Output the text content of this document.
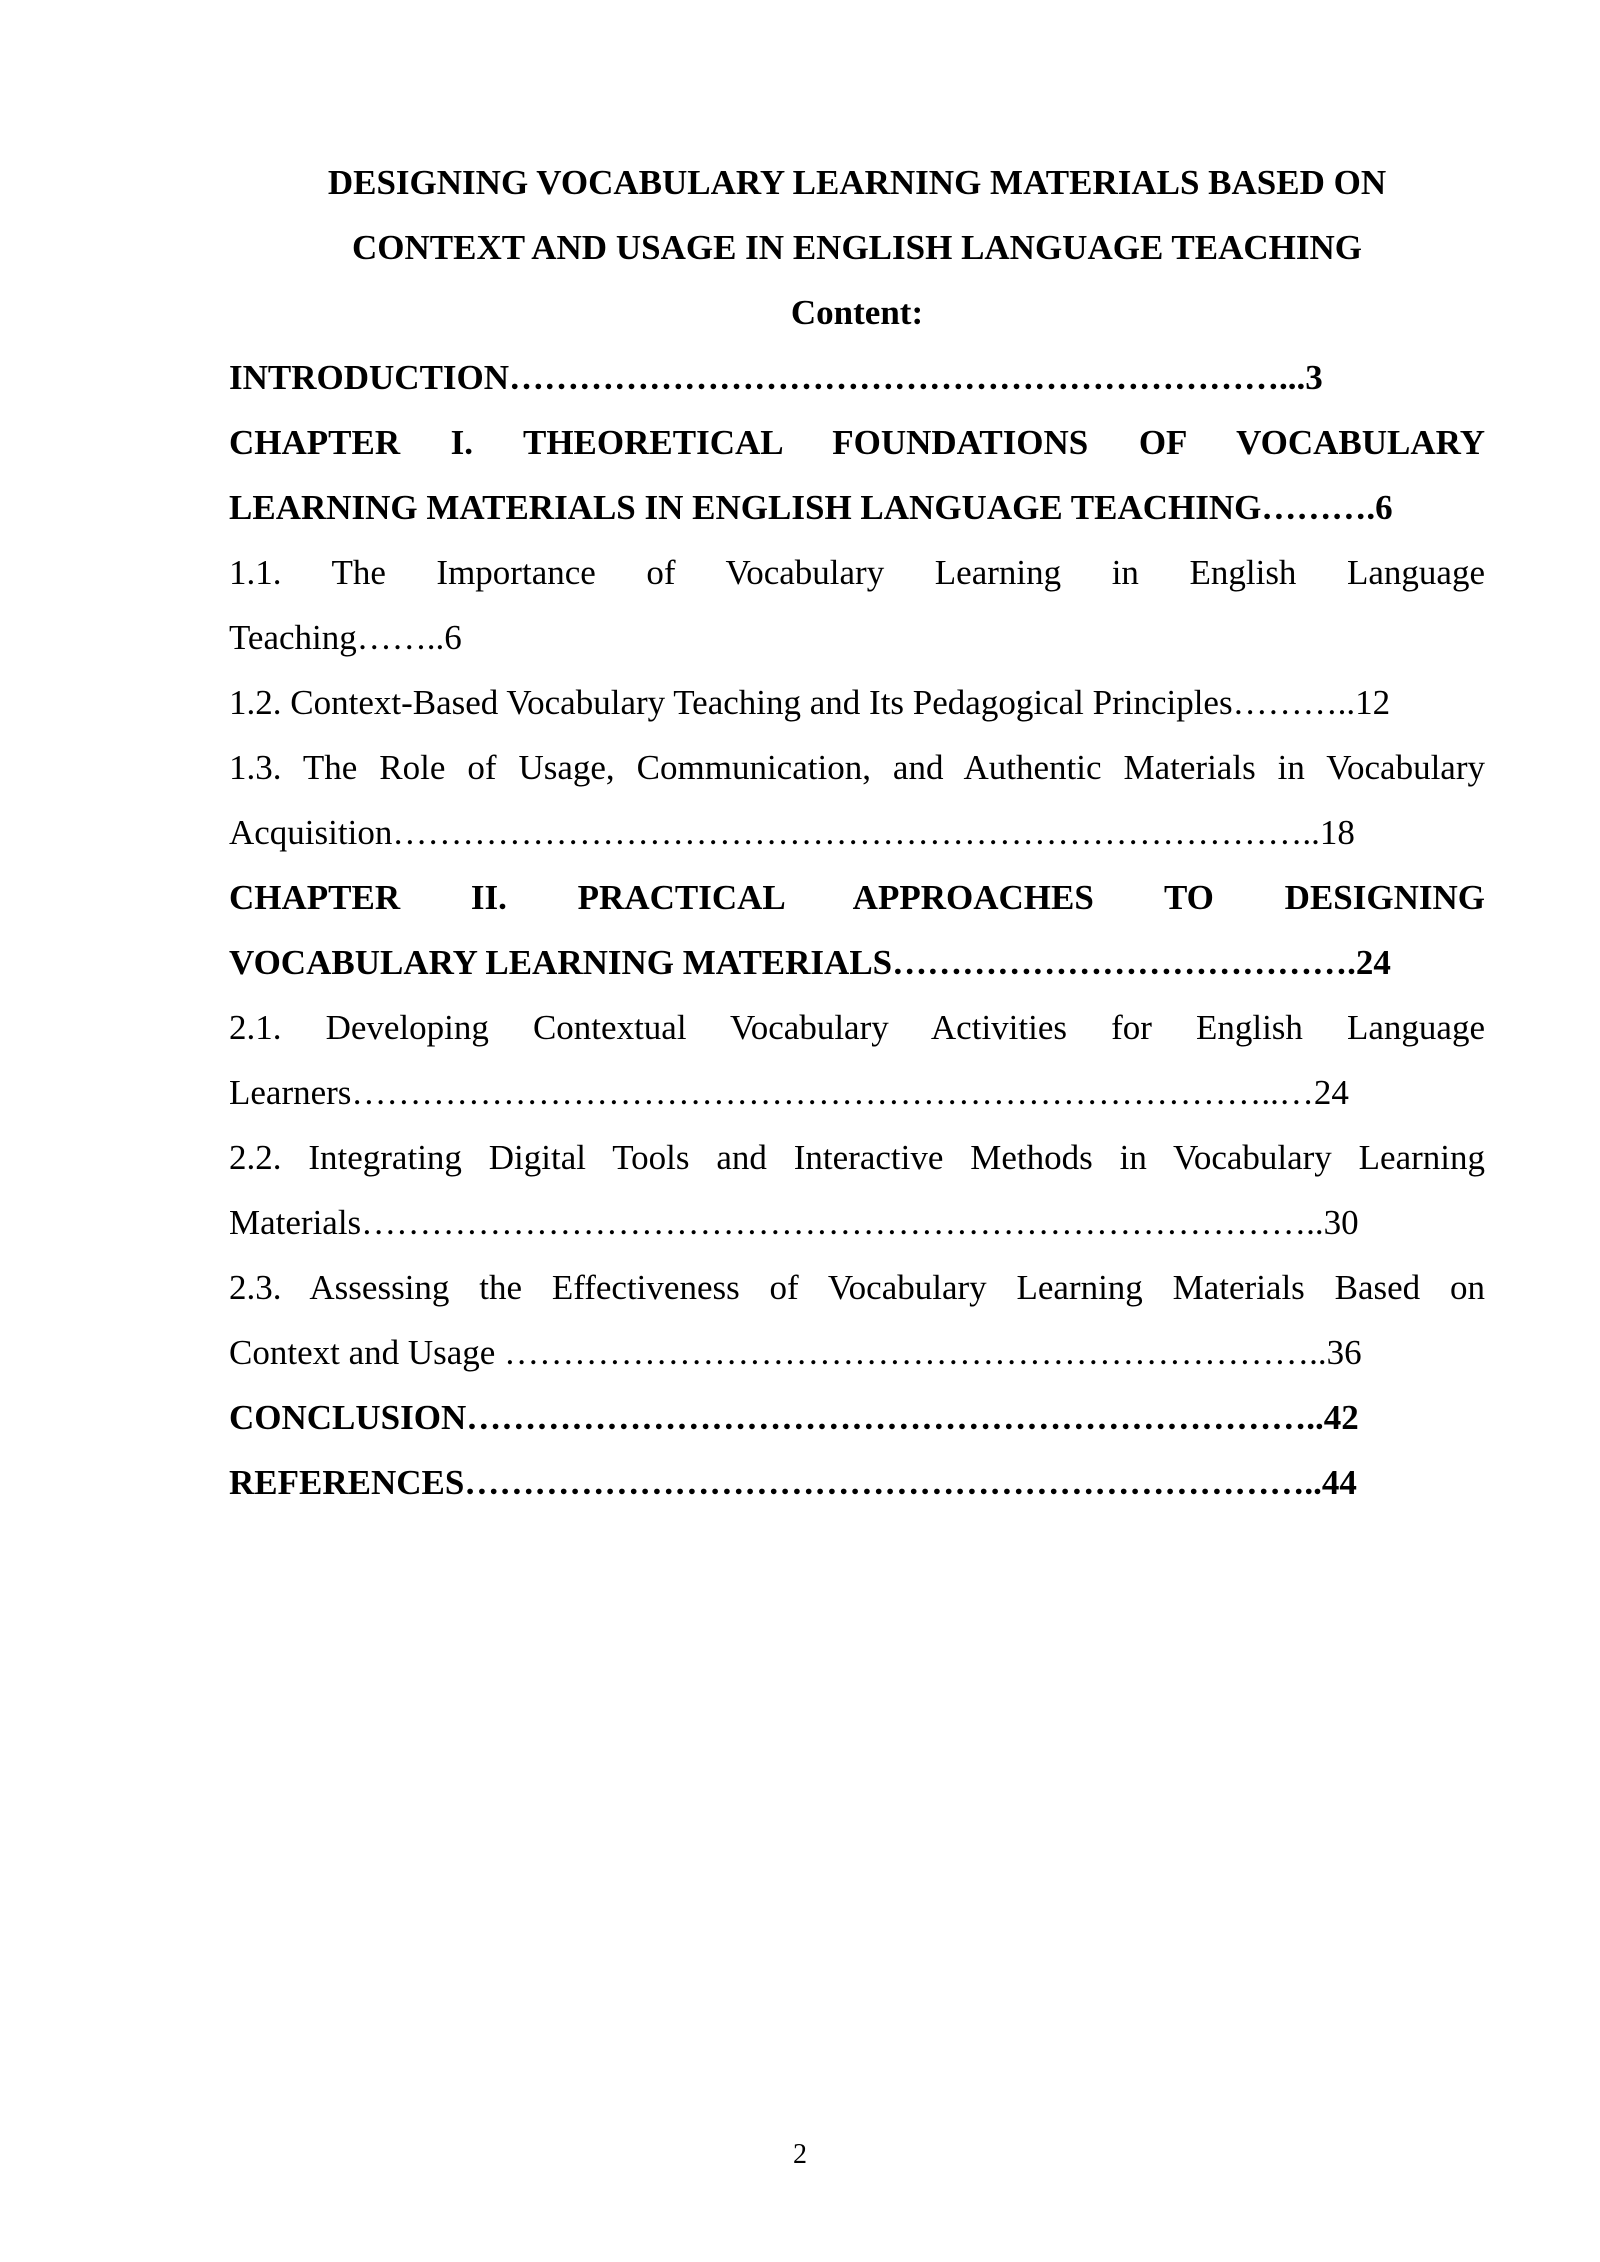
DESIGNING VOCABULARY LEARNING MATERIALS BASED ON
CONTEXT AND USAGE IN ENGLISH LANGUAGE TEACHING
Content:
INTRODUCTION…………………………………………………………...3
CHAPTER I. THEORETICAL FOUNDATIONS OF VOCABULARY
LEARNING MATERIALS IN ENGLISH LANGUAGE TEACHING……….6
1.1. The Importance of Vocabulary Learning in English Language
Teaching……..6
1.2. Context-Based Vocabulary Teaching and Its Pedagogical Principles………..12
1.3. The Role of Usage, Communication, and Authentic Materials in Vocabulary
Acquisition……………………………………………………………………..18
CHAPTER II. PRACTICAL APPROACHES TO DESIGNING
VOCABULARY LEARNING MATERIALS………………………………….24
2.1. Developing Contextual Vocabulary Activities for English Language
Learners……………………………………………………………………..…24
2.2. Integrating Digital Tools and Interactive Methods in Vocabulary Learning
Materials………………………………………………………………………..30
2.3. Assessing the Effectiveness of Vocabulary Learning Materials Based on
Context and Usage ……………………………………………………………..36
CONCLUSION………………………………………………………………..42
REFERENCES………………………………………………………………..44
2
